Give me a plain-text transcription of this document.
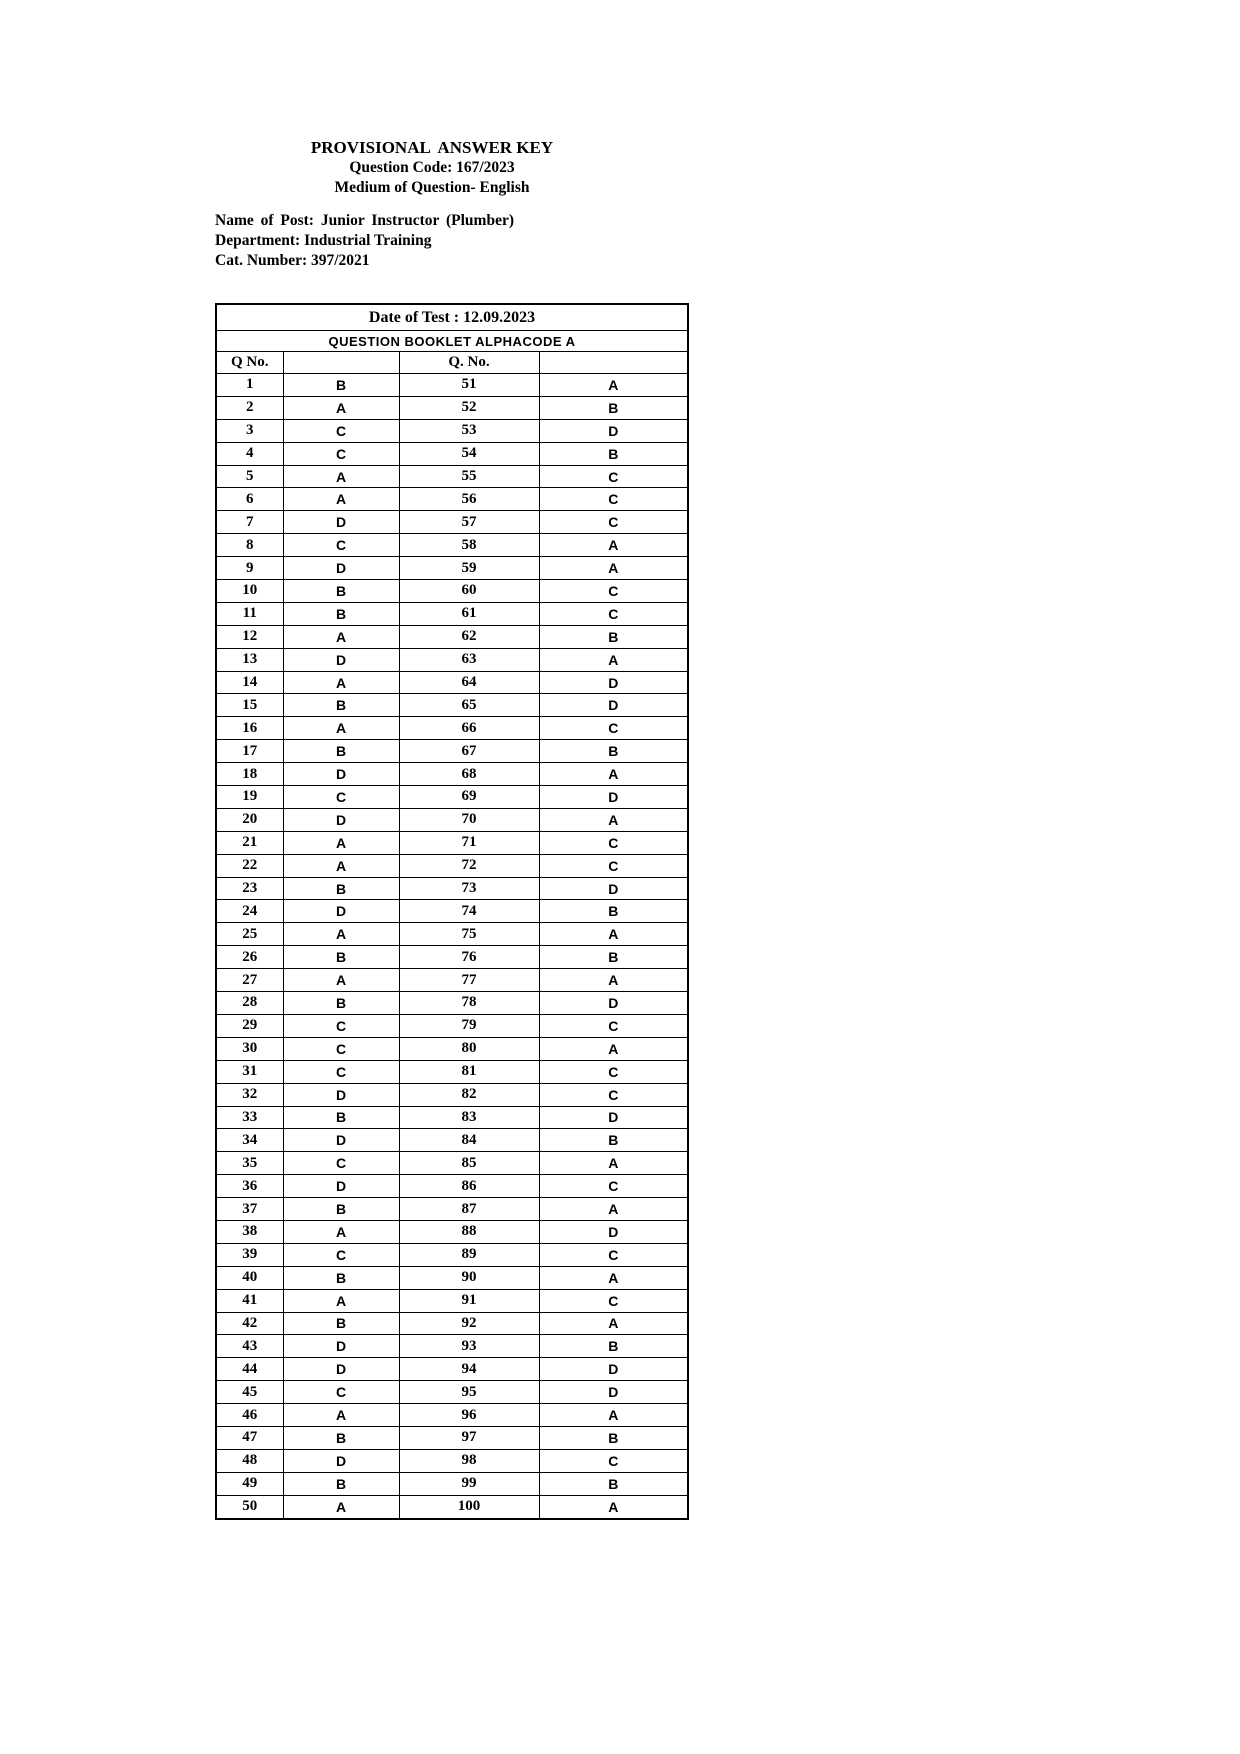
PROVISIONAL  ANSWER KEY
Question Code: 167/2023
Medium of Question- English
Name of Post: Junior Instructor (Plumber)
Department: Industrial Training
Cat. Number: 397/2021
Date of Test : 12.09.2023			
QUESTION BOOKLET ALPHACODE A			
Q No.		Q. No.	
1	B	51	A
2	A	52	B
3	C	53	D
4	C	54	B
5	A	55	C
6	A	56	C
7	D	57	C
8	C	58	A
9	D	59	A
10	B	60	C
11	B	61	C
12	A	62	B
13	D	63	A
14	A	64	D
15	B	65	D
16	A	66	C
17	B	67	B
18	D	68	A
19	C	69	D
20	D	70	A
21	A	71	C
22	A	72	C
23	B	73	D
24	D	74	B
25	A	75	A
26	B	76	B
27	A	77	A
28	B	78	D
29	C	79	C
30	C	80	A
31	C	81	C
32	D	82	C
33	B	83	D
34	D	84	B
35	C	85	A
36	D	86	C
37	B	87	A
38	A	88	D
39	C	89	C
40	B	90	A
41	A	91	C
42	B	92	A
43	D	93	B
44	D	94	D
45	C	95	D
46	A	96	A
47	B	97	B
48	D	98	C
49	B	99	B
50	A	100	A
